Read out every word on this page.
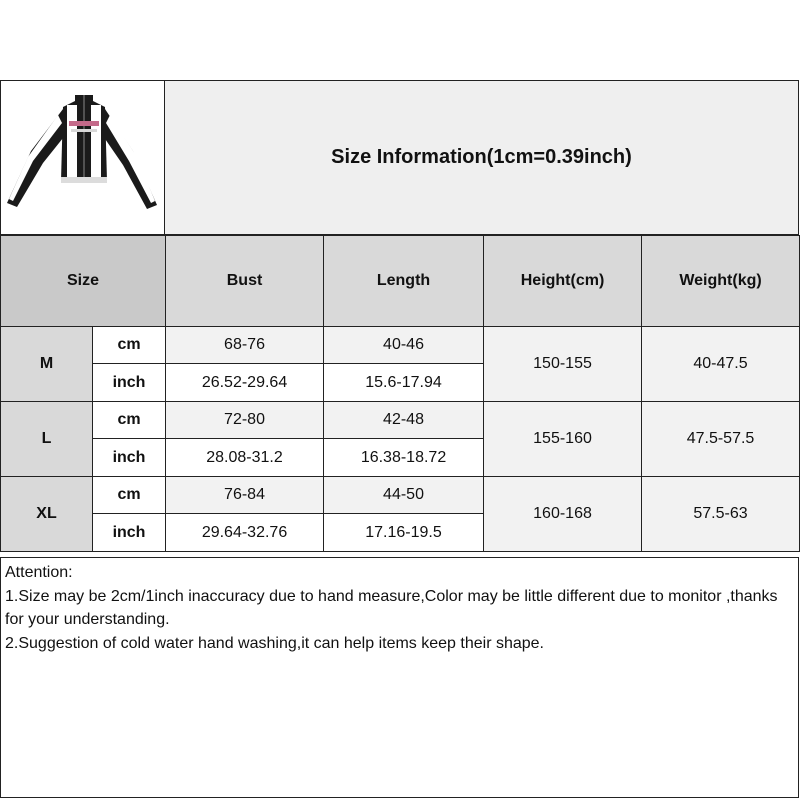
Size Information(1cm=0.39inch)
Size		Bust	Length	Height(cm)	Weight(kg)
M	cm	68-76	40-46	150-155	40-47.5
	inch	26.52-29.64	15.6-17.94		
L	cm	72-80	42-48	155-160	47.5-57.5
	inch	28.08-31.2	16.38-18.72		
XL	cm	76-84	44-50	160-168	57.5-63
	inch	29.64-32.76	17.16-19.5		
Attention:
1.Size may be 2cm/1inch inaccuracy due to hand measure,Color may be little different due to monitor ,thanks for your understanding.
2.Suggestion of cold water hand washing,it can help items keep their shape.
